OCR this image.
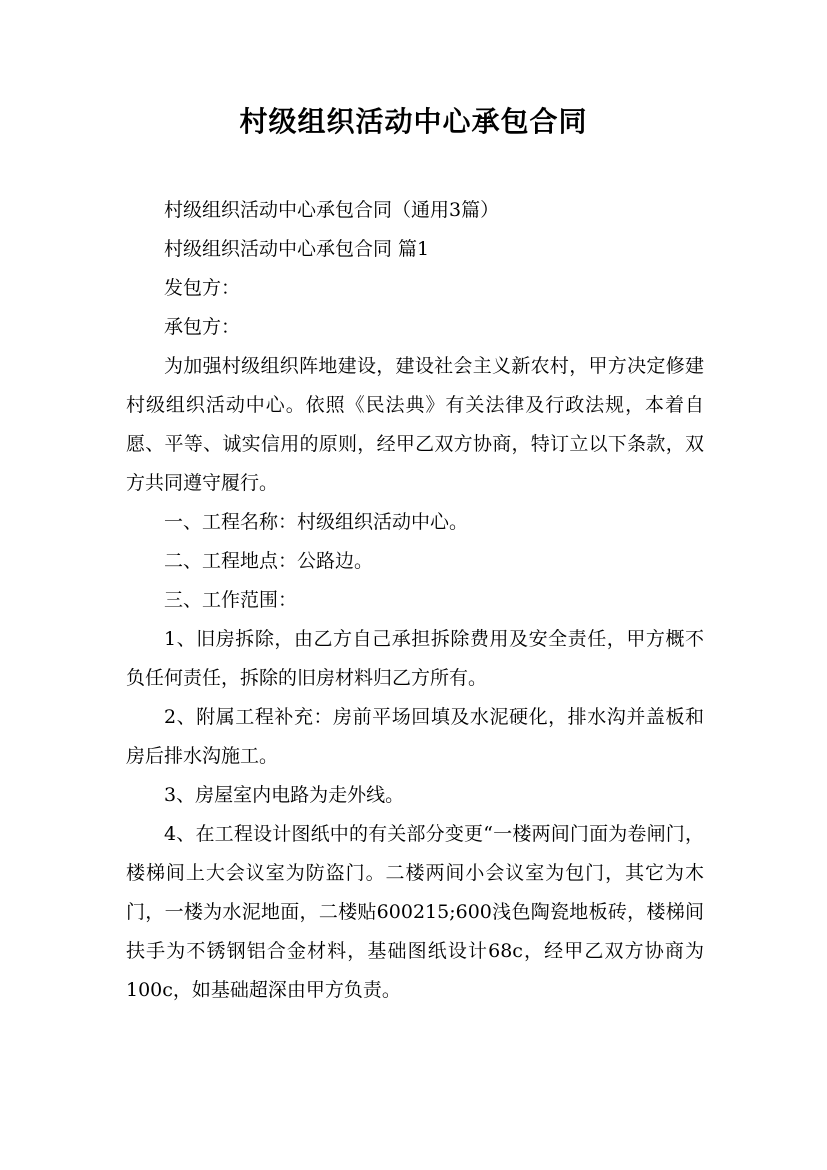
村级组织活动中心承包合同

村级组织活动中心承包合同（通用3篇）

村级组织活动中心承包合同 篇1

发包方：

承包方：

为加强村级组织阵地建设，建设社会主义新农村，甲方决定修建村级组织活动中心。依照《民法典》有关法律及行政法规，本着自愿、平等、诚实信用的原则，经甲乙双方协商，特订立以下条款，双方共同遵守履行。

一、工程名称：村级组织活动中心。

二、工程地点：公路边。

三、工作范围：

1、旧房拆除，由乙方自己承担拆除费用及安全责任，甲方概不负任何责任，拆除的旧房材料归乙方所有。

2、附属工程补充：房前平场回填及水泥硬化，排水沟并盖板和房后排水沟施工。

3、房屋室内电路为走外线。

4、在工程设计图纸中的有关部分变更“一楼两间门面为卷闸门，楼梯间上大会议室为防盗门。二楼两间小会议室为包门，其它为木门，一楼为水泥地面，二楼贴600215;600浅色陶瓷地板砖，楼梯间扶手为不锈钢铝合金材料，基础图纸设计68c，经甲乙双方协商为100c，如基础超深由甲方负责。
